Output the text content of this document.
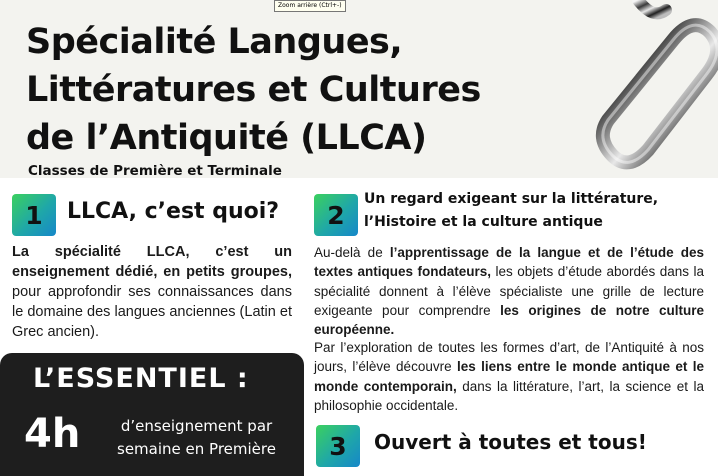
Zoom arrière (Ctrl+-)
Spécialité Langues,
Littératures et Cultures
de l’Antiquité (LLCA)

Classes de Première et Terminale

1	LLCA, c’est quoi?

La spécialité LLCA, c’est un enseignement dédié, en petits groupes, pour approfondir ses connaissances dans le domaine des langues anciennes (Latin et Grec ancien).

2
Un regard exigeant sur la littérature,
l’Histoire et la culture antique

Au-delà de l’apprentissage de la langue et de l’étude des textes antiques fondateurs, les objets d’étude abordés dans la spécialité donnent à l’élève spécialiste une grille de lecture exigeante pour comprendre les origines de notre culture européenne.

Par l’exploration de toutes les formes d’art, de l’Antiquité à nos jours, l’élève découvre les liens entre le monde antique et le monde contemporain, dans la littérature, l’art, la science et la philosophie occidentale.

3	Ouvert à toutes et tous!

L’ESSENTIEL :

4h	d’enseignement par semaine en Première
